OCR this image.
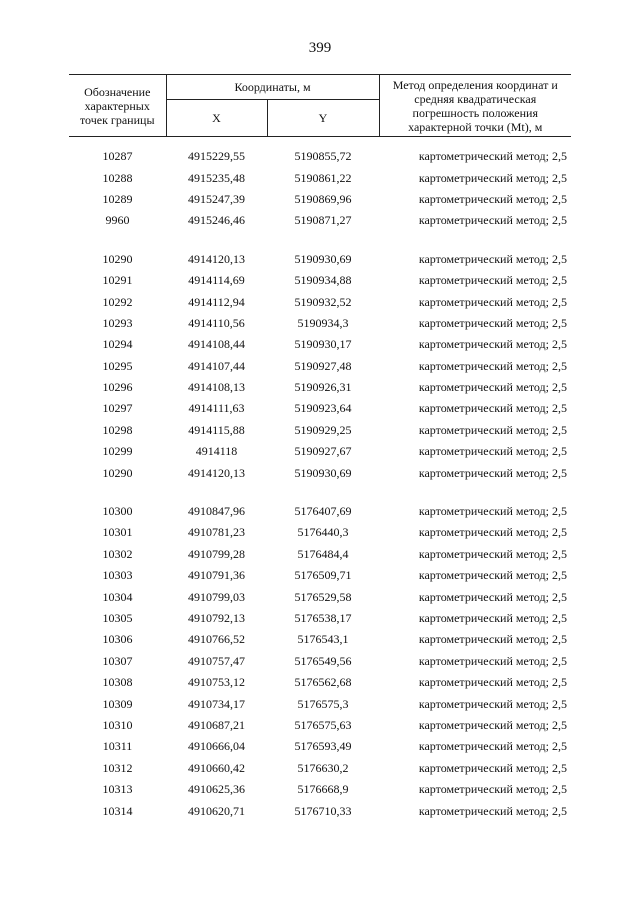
399
Обозначение характерных точек границы	Координаты, м		Метод определения координат и средняя квадратическая погрешность положения характерной точки (Mt), м
	X	Y	

10287	4915229,55	5190855,72	картометрический метод; 2,5
10288	4915235,48	5190861,22	картометрический метод; 2,5
10289	4915247,39	5190869,96	картометрический метод; 2,5
9960	4915246,46	5190871,27	картометрический метод; 2,5

10290	4914120,13	5190930,69	картометрический метод; 2,5
10291	4914114,69	5190934,88	картометрический метод; 2,5
10292	4914112,94	5190932,52	картометрический метод; 2,5
10293	4914110,56	5190934,3	картометрический метод; 2,5
10294	4914108,44	5190930,17	картометрический метод; 2,5
10295	4914107,44	5190927,48	картометрический метод; 2,5
10296	4914108,13	5190926,31	картометрический метод; 2,5
10297	4914111,63	5190923,64	картометрический метод; 2,5
10298	4914115,88	5190929,25	картометрический метод; 2,5
10299	4914118	5190927,67	картометрический метод; 2,5
10290	4914120,13	5190930,69	картометрический метод; 2,5

10300	4910847,96	5176407,69	картометрический метод; 2,5
10301	4910781,23	5176440,3	картометрический метод; 2,5
10302	4910799,28	5176484,4	картометрический метод; 2,5
10303	4910791,36	5176509,71	картометрический метод; 2,5
10304	4910799,03	5176529,58	картометрический метод; 2,5
10305	4910792,13	5176538,17	картометрический метод; 2,5
10306	4910766,52	5176543,1	картометрический метод; 2,5
10307	4910757,47	5176549,56	картометрический метод; 2,5
10308	4910753,12	5176562,68	картометрический метод; 2,5
10309	4910734,17	5176575,3	картометрический метод; 2,5
10310	4910687,21	5176575,63	картометрический метод; 2,5
10311	4910666,04	5176593,49	картометрический метод; 2,5
10312	4910660,42	5176630,2	картометрический метод; 2,5
10313	4910625,36	5176668,9	картометрический метод; 2,5
10314	4910620,71	5176710,33	картометрический метод; 2,5
